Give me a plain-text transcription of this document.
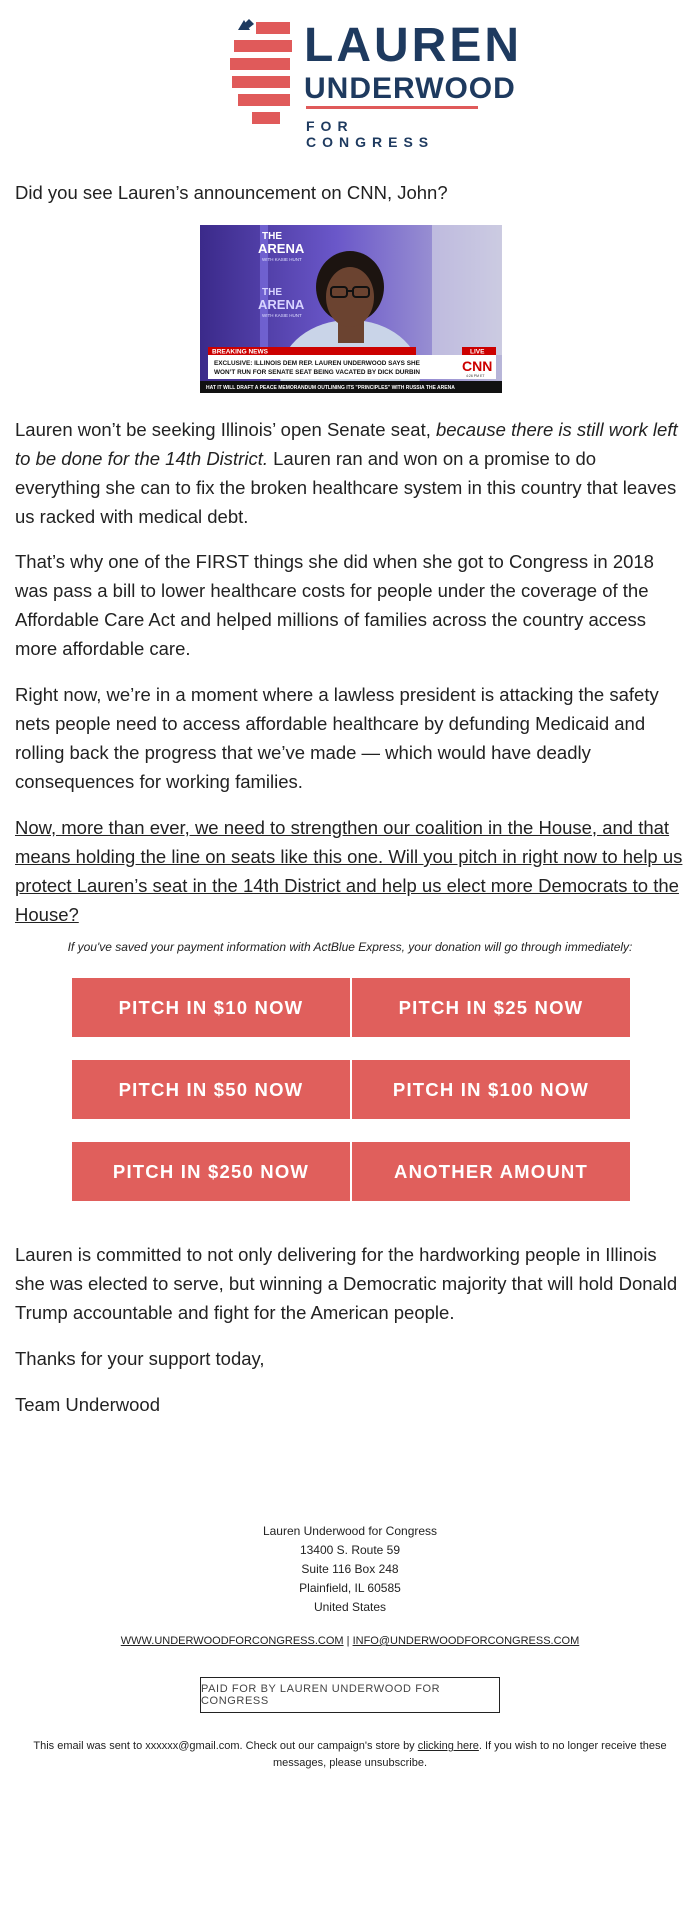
LAUREN
UNDERWOOD
FOR CONGRESS

Did you see Lauren’s announcement on CNN, John?

THE
ARENA
WITH KASIE HUNT
THE
ARENA
WITH KASIE HUNT
BREAKING NEWS	LIVE
EXCLUSIVE: ILLINOIS DEM REP. LAUREN UNDERWOOD SAYS SHE
WON’T RUN FOR SENATE SEAT BEING VACATED BY DICK DURBIN	CNN
4:26 PM ET
HAT IT WILL DRAFT A PEACE MEMORANDUM OUTLINING ITS "PRINCIPLES" WITH RUSSIA THE ARENA

Lauren won’t be seeking Illinois’ open Senate seat, because there is still work left to be done for the 14th District. Lauren ran and won on a promise to do everything she can to fix the broken healthcare system in this country that leaves us racked with medical debt.

That’s why one of the FIRST things she did when she got to Congress in 2018 was pass a bill to lower healthcare costs for people under the coverage of the Affordable Care Act and helped millions of families across the country access more affordable care.

Right now, we’re in a moment where a lawless president is attacking the safety nets people need to access affordable healthcare by defunding Medicaid and rolling back the progress that we’ve made — which would have deadly consequences for working families.

Now, more than ever, we need to strengthen our coalition in the House, and that means holding the line on seats like this one. Will you pitch in right now to help us protect Lauren’s seat in the 14th District and help us elect more Democrats to the House?

If you've saved your payment information with ActBlue Express, your donation will go through immediately:
PITCH IN $10 NOW	PITCH IN $25 NOW
PITCH IN $50 NOW	PITCH IN $100 NOW
PITCH IN $250 NOW	ANOTHER AMOUNT

Lauren is committed to not only delivering for the hardworking people in Illinois she was elected to serve, but winning a Democratic majority that will hold Donald Trump accountable and fight for the American people.

Thanks for your support today,

Team Underwood

Lauren Underwood for Congress
13400 S. Route 59
Suite 116 Box 248
Plainfield, IL 60585
United States
WWW.UNDERWOODFORCONGRESS.COM | INFO@UNDERWOODFORCONGRESS.COM
PAID FOR BY LAUREN UNDERWOOD FOR CONGRESS
This email was sent to xxxxxx@gmail.com. Check out our campaign's store by clicking here. If you wish to no longer receive these messages, please unsubscribe.
